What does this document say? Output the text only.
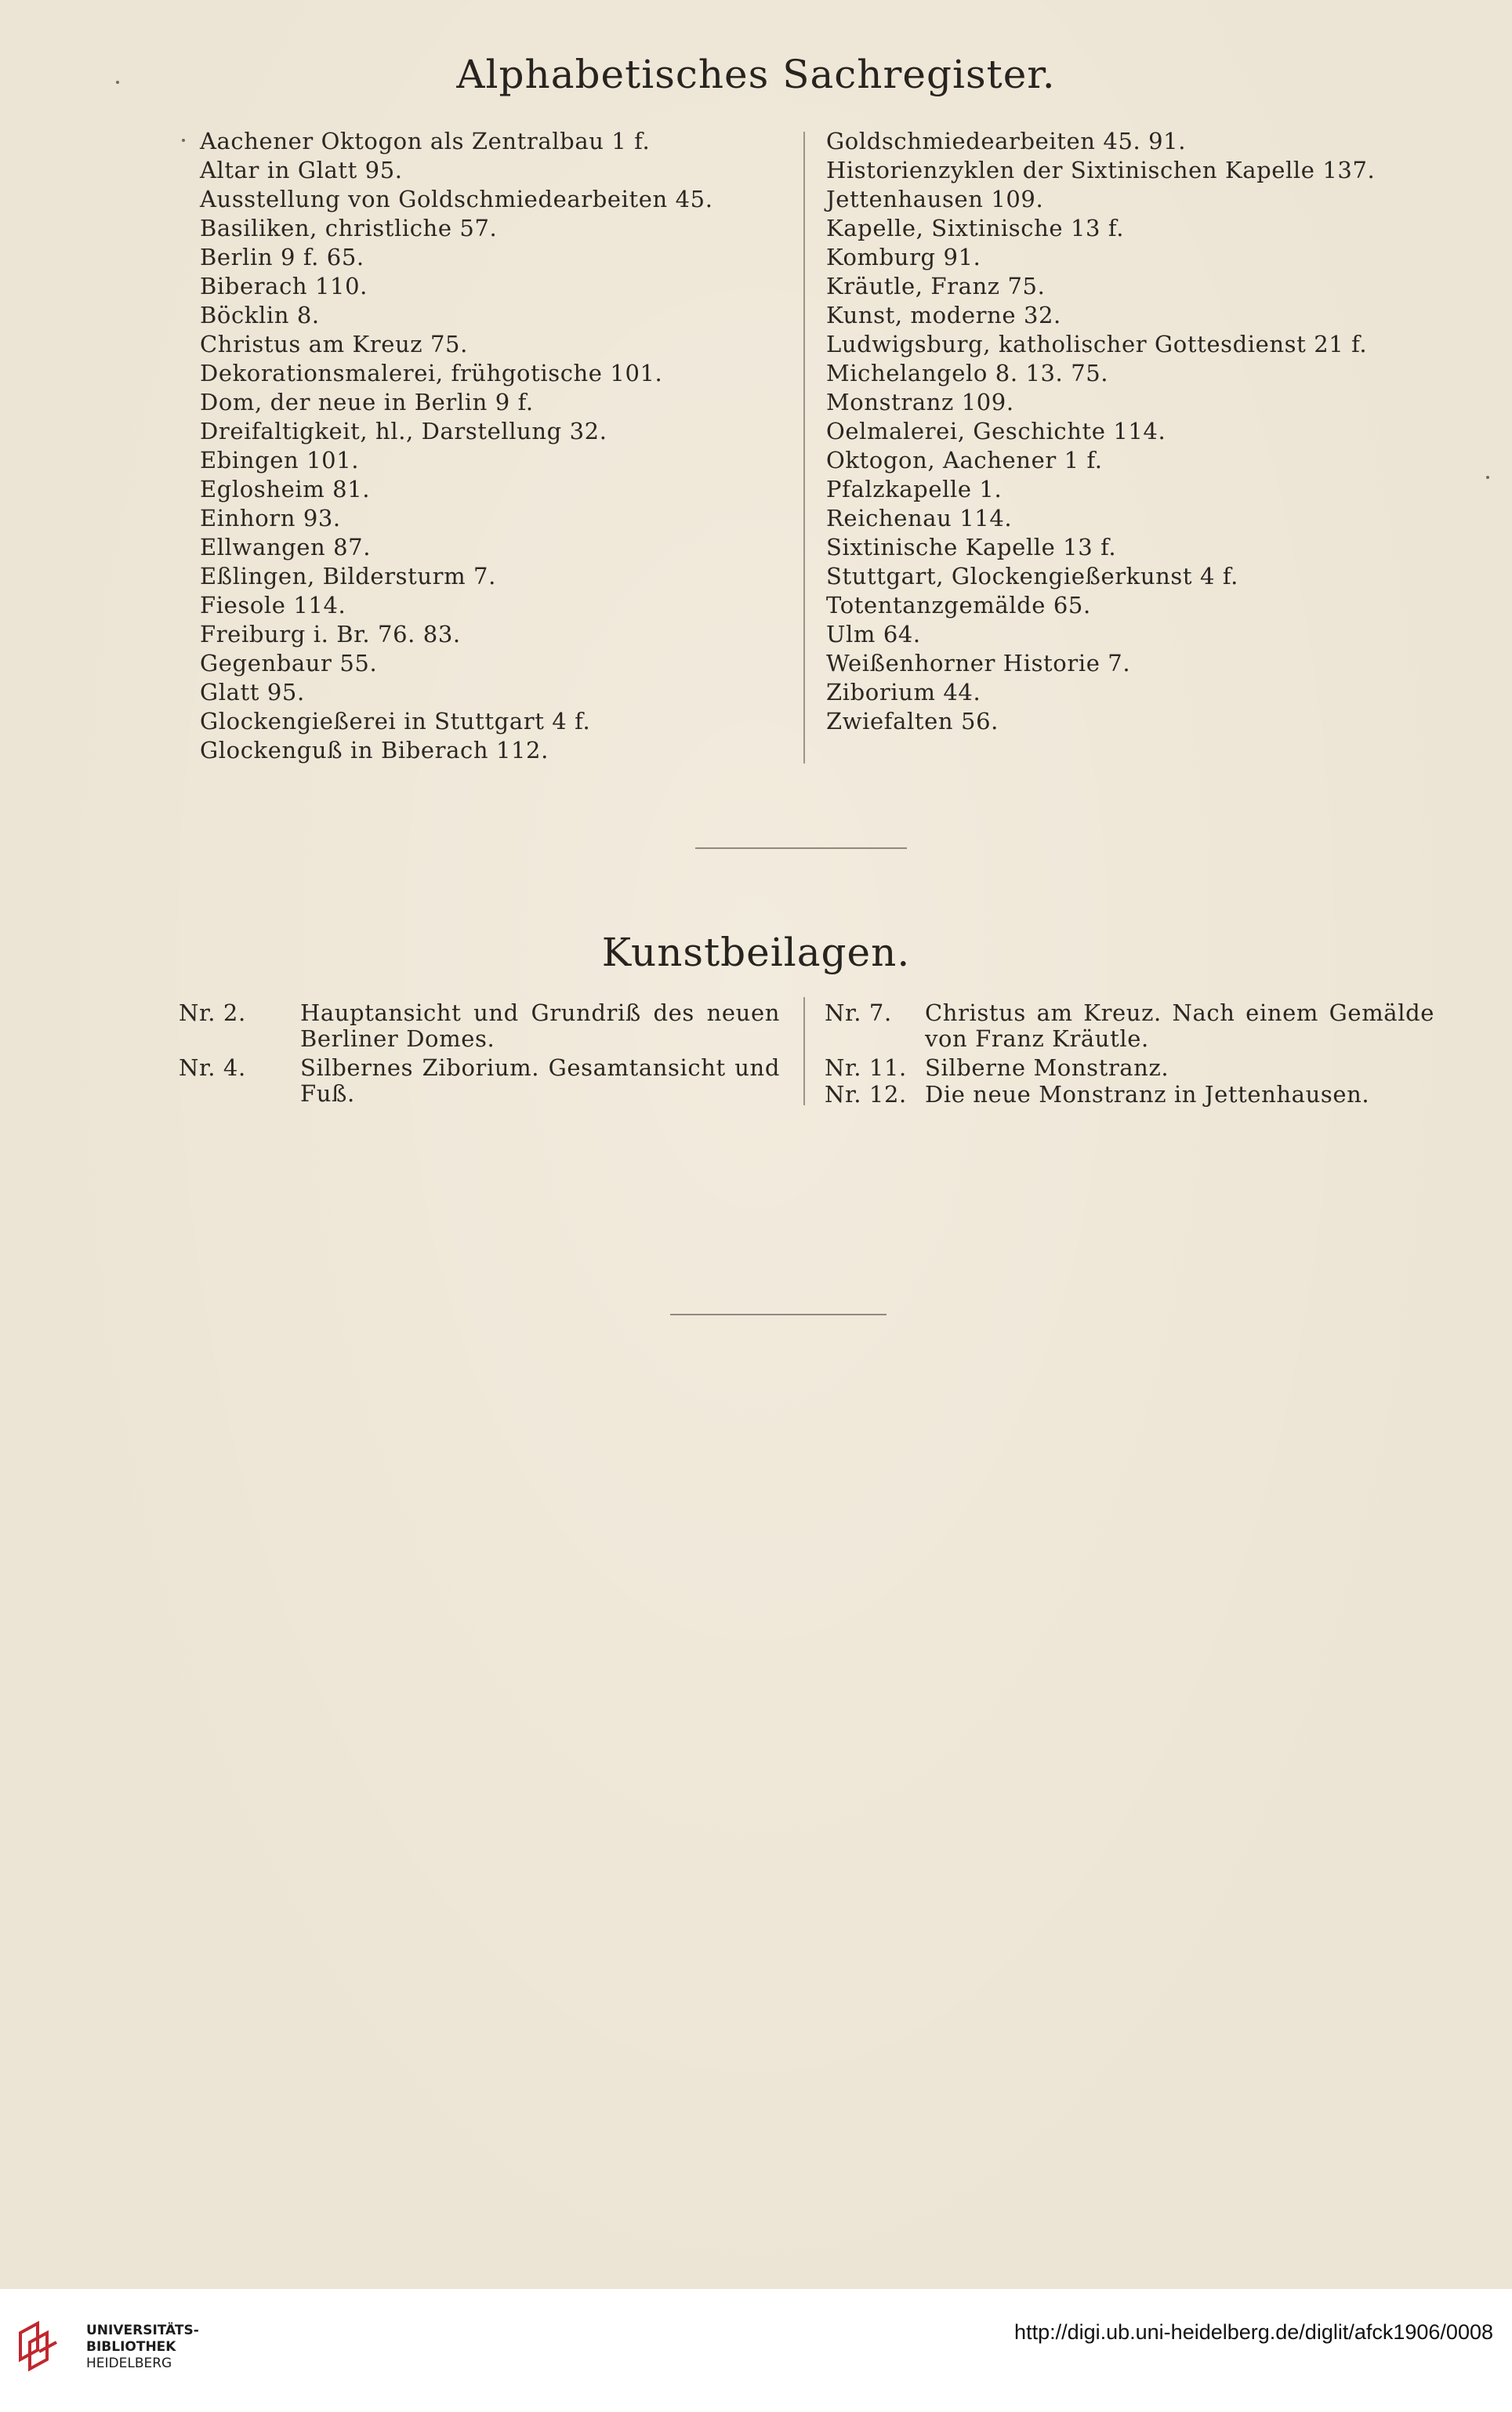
Alphabetisches Sachregister.
Aachener Oktogon als Zentralbau 1 f.
Altar in Glatt 95.
Ausstellung von Goldschmiedearbeiten 45.
Basiliken, christliche 57.
Berlin 9 f. 65.
Biberach 110.
Böcklin 8.
Christus am Kreuz 75.
Dekorationsmalerei, frühgotische 101.
Dom, der neue in Berlin 9 f.
Dreifaltigkeit, hl., Darstellung 32.
Ebingen 101.
Eglosheim 81.
Einhorn 93.
Ellwangen 87.
Eßlingen, Bildersturm 7.
Fiesole 114.
Freiburg i. Br. 76. 83.
Gegenbaur 55.
Glatt 95.
Glockengießerei in Stuttgart 4 f.
Glockenguß in Biberach 112.
Goldschmiedearbeiten 45. 91.
Historienzyklen der Sixtinischen Kapelle 137.
Jettenhausen 109.
Kapelle, Sixtinische 13 f.
Komburg 91.
Kräutle, Franz 75.
Kunst, moderne 32.
Ludwigsburg, katholischer Gottesdienst 21 f.
Michelangelo 8. 13. 75.
Monstranz 109.
Oelmalerei, Geschichte 114.
Oktogon, Aachener 1 f.
Pfalzkapelle 1.
Reichenau 114.
Sixtinische Kapelle 13 f.
Stuttgart, Glockengießerkunst 4 f.
Totentanzgemälde 65.
Ulm 64.
Weißenhorner Historie 7.
Ziborium 44.
Zwiefalten 56.
Kunstbeilagen.
Nr. 2. Hauptansicht und Grundriß des neuen Berliner Domes.
Nr. 4. Silbernes Ziborium. Gesamtansicht und Fuß.
Nr. 7. Christus am Kreuz. Nach einem Gemälde von Franz Kräutle.
Nr. 11. Silberne Monstranz.
Nr. 12. Die neue Monstranz in Jettenhausen.
UNIVERSITÄTS-
BIBLIOTHEK
HEIDELBERG
http://digi.ub.uni-heidelberg.de/diglit/afck1906/0008
